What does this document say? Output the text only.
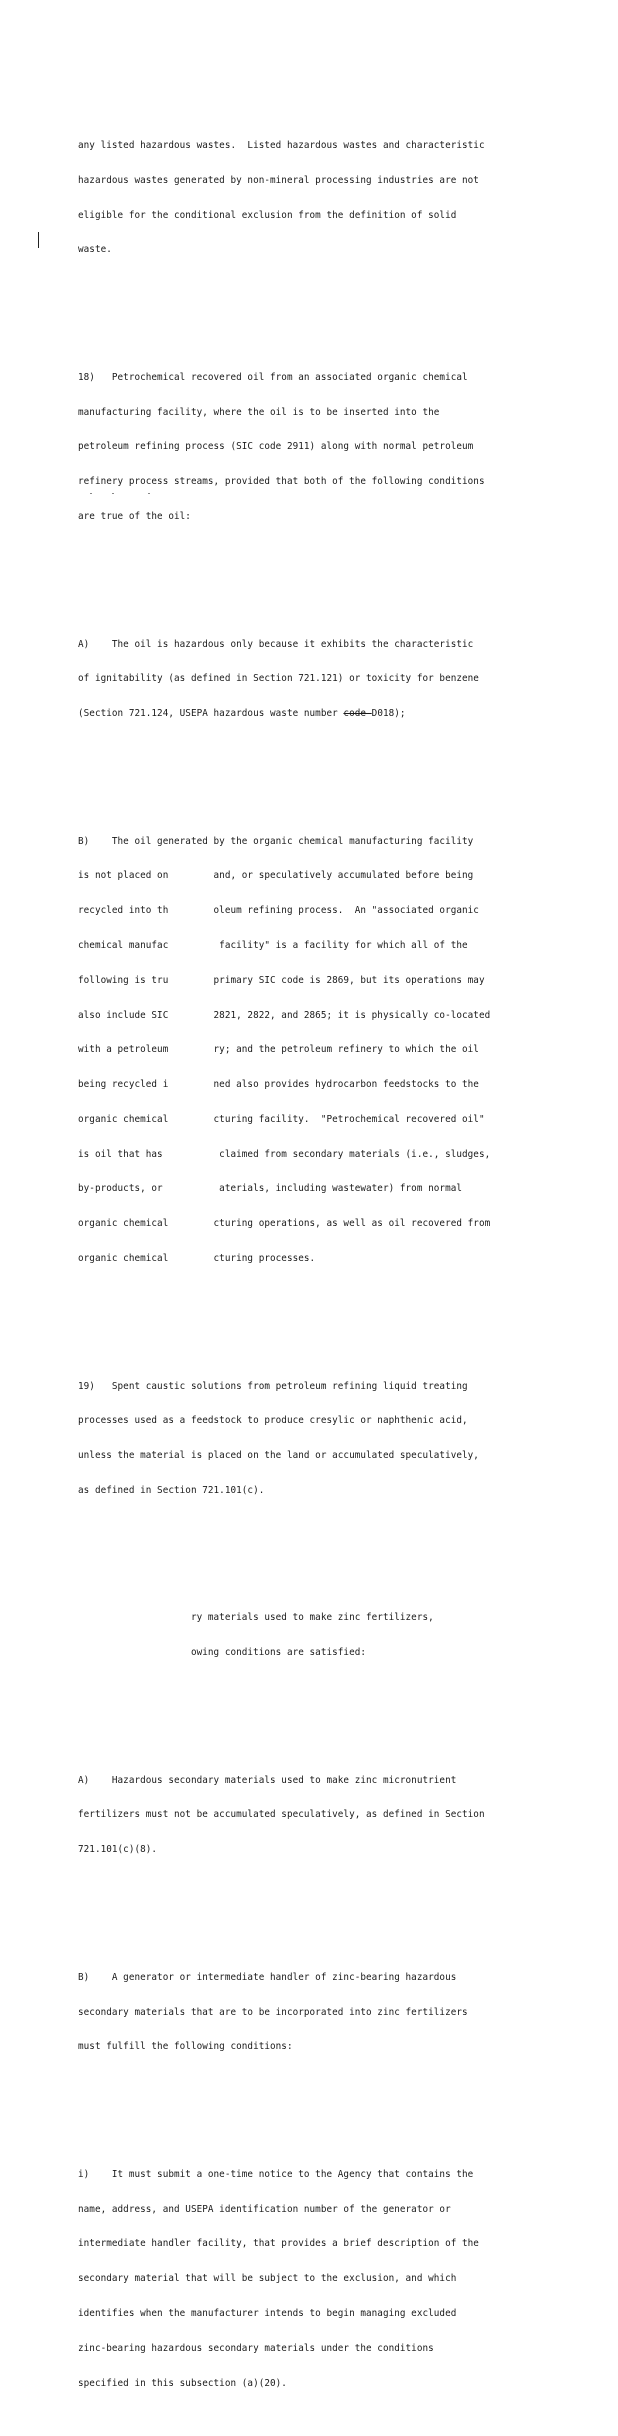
any listed hazardous wastes.  Listed hazardous wastes and characteristic

hazardous wastes generated by non-mineral processing industries are not

eligible for the conditional exclusion from the definition of solid

waste.

18)   Petrochemical recovered oil from an associated organic chemical

manufacturing facility, where the oil is to be inserted into the

petroleum refining process (SIC code 2911) along with normal petroleum

refinery process streams, provided that both of the following conditions

are true of the oil:

A)    The oil is hazardous only because it exhibits the characteristic

of ignitability (as defined in Section 721.121) or toxicity for benzene

(Section 721.124, USEPA hazardous waste number code D018);

B)    The oil generated by the organic chemical manufacturing facility

is not placed on        and, or speculatively accumulated before being

recycled into th        oleum refining process.  An "associated organic

chemical manufac         facility" is a facility for which all of the

following is tru        primary SIC code is 2869, but its operations may

also include SIC        2821, 2822, and 2865; it is physically co-located

with a petroleum        ry; and the petroleum refinery to which the oil

being recycled i        ned also provides hydrocarbon feedstocks to the

organic chemical        cturing facility.  "Petrochemical recovered oil"

is oil that has          claimed from secondary materials (i.e., sludges,

by-products, or          aterials, including wastewater) from normal

organic chemical        cturing operations, as well as oil recovered from

organic chemical        cturing processes.

19)   Spent caustic solutions from petroleum refining liquid treating

processes used as a feedstock to produce cresylic or naphthenic acid,

unless the material is placed on the land or accumulated speculatively,

as defined in Section 721.101(c).

ry materials used to make zinc fertilizers,

owing conditions are satisfied:

A)    Hazardous secondary materials used to make zinc micronutrient

fertilizers must not be accumulated speculatively, as defined in Section

721.101(c)(8).

B)    A generator or intermediate handler of zinc-bearing hazardous

secondary materials that are to be incorporated into zinc fertilizers

must fulfill the following conditions:

i)    It must submit a one-time notice to the Agency that contains the

name, address, and USEPA identification number of the generator or

intermediate handler facility, that provides a brief description of the

secondary material that will be subject to the exclusion, and which

identifies when the manufacturer intends to begin managing excluded

zinc-bearing hazardous secondary materials under the conditions

specified in this subsection (a)(20).
